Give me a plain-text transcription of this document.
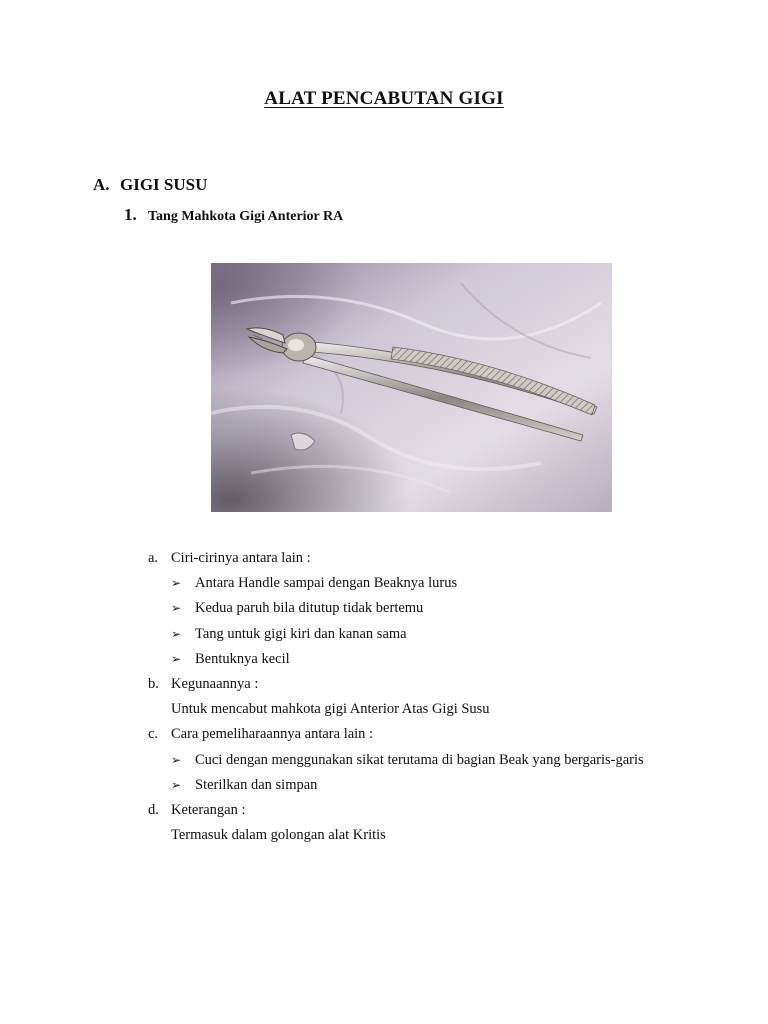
ALAT PENCABUTAN GIGI
A. GIGI SUSU
1. Tang Mahkota Gigi Anterior RA
a. Ciri-cirinya antara lain :
➢ Antara Handle sampai dengan Beaknya lurus
➢ Kedua paruh bila ditutup tidak bertemu
➢ Tang untuk gigi kiri dan kanan sama
➢ Bentuknya kecil
b. Kegunaannya :
Untuk mencabut mahkota gigi Anterior Atas Gigi Susu
c. Cara pemeliharaannya antara lain :
➢ Cuci dengan menggunakan sikat terutama di bagian Beak yang bergaris-garis
➢ Sterilkan dan simpan
d. Keterangan :
Termasuk dalam golongan alat Kritis
